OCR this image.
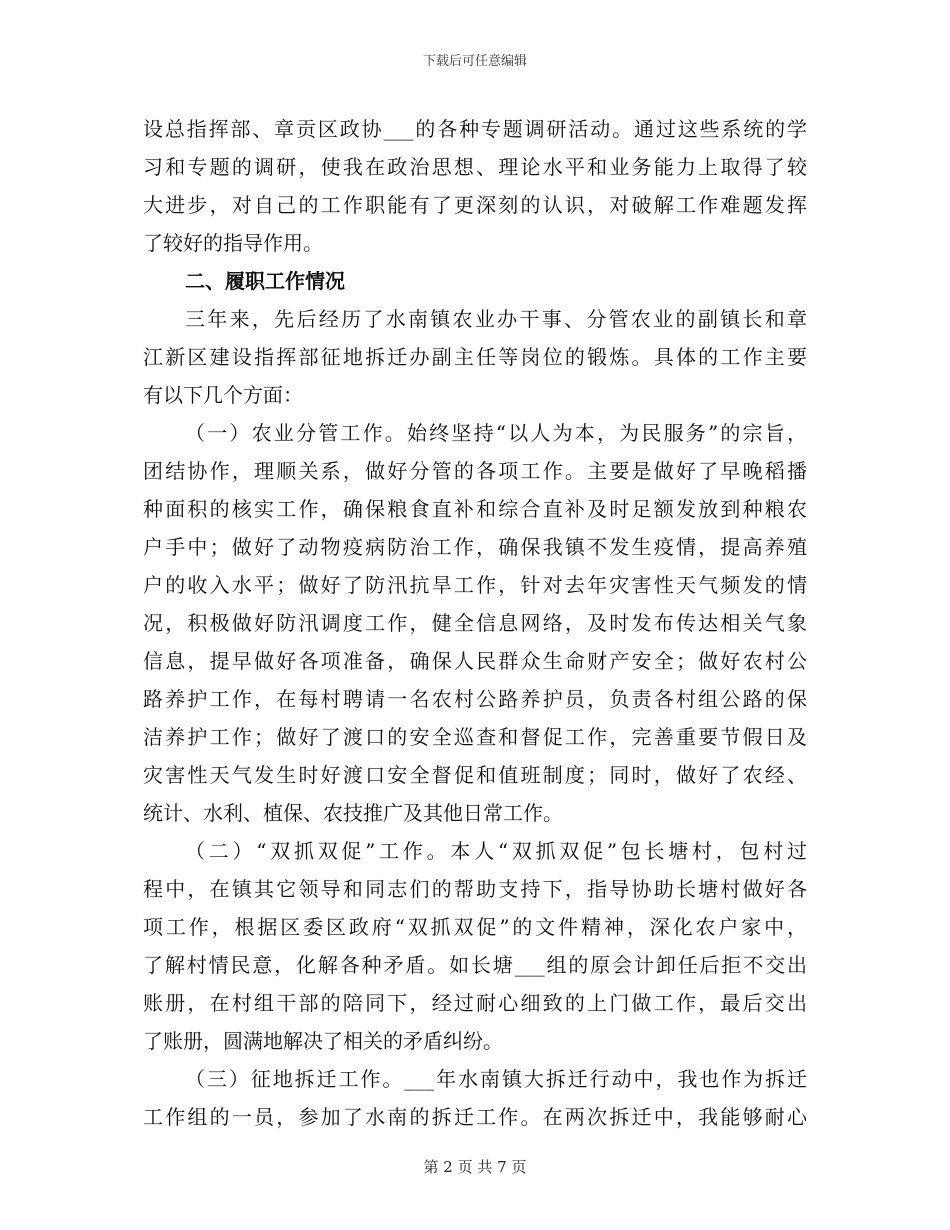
下载后可任意编辑
设总指挥部、章贡区政协___的各种专题调研活动。通过这些系统的学
习和专题的调研，使我在政治思想、理论水平和业务能力上取得了较
大进步，对自己的工作职能有了更深刻的认识，对破解工作难题发挥
了较好的指导作用。
二、履职工作情况
三年来，先后经历了水南镇农业办干事、分管农业的副镇长和章
江新区建设指挥部征地拆迁办副主任等岗位的锻炼。具体的工作主要
有以下几个方面：
（一）农业分管工作。始终坚持“以人为本，为民服务”的宗旨，
团结协作，理顺关系，做好分管的各项工作。主要是做好了早晚稻播
种面积的核实工作，确保粮食直补和综合直补及时足额发放到种粮农
户手中；做好了动物疫病防治工作，确保我镇不发生疫情，提高养殖
户的收入水平；做好了防汛抗旱工作，针对去年灾害性天气频发的情
况，积极做好防汛调度工作，健全信息网络，及时发布传达相关气象
信息，提早做好各项准备，确保人民群众生命财产安全；做好农村公
路养护工作，在每村聘请一名农村公路养护员，负责各村组公路的保
洁养护工作；做好了渡口的安全巡查和督促工作，完善重要节假日及
灾害性天气发生时好渡口安全督促和值班制度；同时，做好了农经、
统计、水利、植保、农技推广及其他日常工作。
（二）“双抓双促”工作。本人“双抓双促”包长塘村，包村过
程中，在镇其它领导和同志们的帮助支持下，指导协助长塘村做好各
项工作，根据区委区政府“双抓双促”的文件精神，深化农户家中，
了解村情民意，化解各种矛盾。如长塘___组的原会计卸任后拒不交出
账册，在村组干部的陪同下，经过耐心细致的上门做工作，最后交出
了账册，圆满地解决了相关的矛盾纠纷。
（三）征地拆迁工作。___年水南镇大拆迁行动中，我也作为拆迁
工作组的一员，参加了水南的拆迁工作。在两次拆迁中，我能够耐心
第 2 页 共 7 页
